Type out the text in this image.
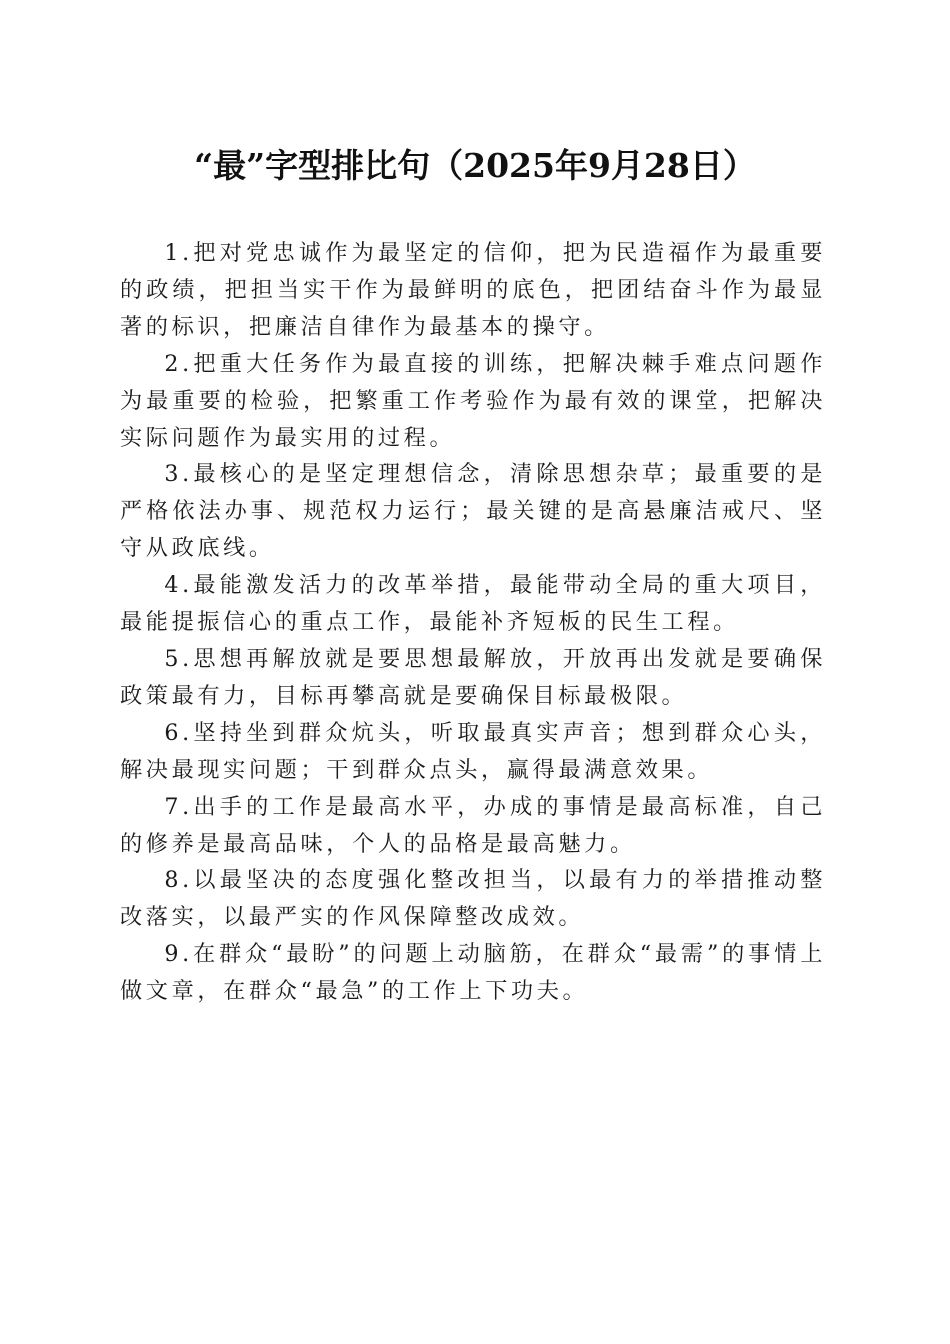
“最”字型排比句（2025年9月28日）

1.把对党忠诚作为最坚定的信仰，把为民造福作为最重要的政绩，把担当实干作为最鲜明的底色，把团结奋斗作为最显著的标识，把廉洁自律作为最基本的操守。

2.把重大任务作为最直接的训练，把解决棘手难点问题作为最重要的检验，把繁重工作考验作为最有效的课堂，把解决实际问题作为最实用的过程。

3.最核心的是坚定理想信念，清除思想杂草；最重要的是严格依法办事、规范权力运行；最关键的是高悬廉洁戒尺、坚守从政底线。

4.最能激发活力的改革举措，最能带动全局的重大项目，最能提振信心的重点工作，最能补齐短板的民生工程。

5.思想再解放就是要思想最解放，开放再出发就是要确保政策最有力，目标再攀高就是要确保目标最极限。

6.坚持坐到群众炕头，听取最真实声音；想到群众心头，解决最现实问题；干到群众点头，赢得最满意效果。

7.出手的工作是最高水平，办成的事情是最高标准，自己的修养是最高品味，个人的品格是最高魅力。

8.以最坚决的态度强化整改担当，以最有力的举措推动整改落实，以最严实的作风保障整改成效。

9.在群众“最盼”的问题上动脑筋，在群众“最需”的事情上做文章，在群众“最急”的工作上下功夫。
